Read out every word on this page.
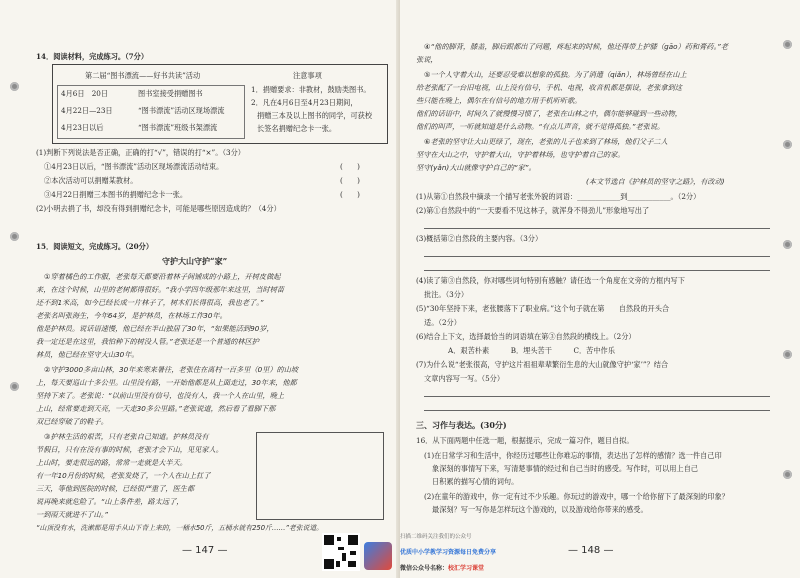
14．阅读材料，完成练习。（7分）
第二届“图书漂流——好书共读”活动
4月6日　20日	图书室接受捐赠图书
4月22日—23日	“图书漂流”活动区现场漂流
4月23日以后	“图书漂流”班级书架漂流
注意事项
1．捐赠要求：非教材，鼓励类图书。
2．凡在4月6日至4月23日期间，
捐赠三本及以上图书的同学，可获校
长签名捐赠纪念卡一张。
(1)判断下列说法是否正确，正确的打“√”，错误的打“×”。（3分）
①4月23日以后，“图书漂流”活动区现场漂流活动结束。	(　　)
②本次活动可以捐赠某教材。	(　　)
③4月22日捐赠三本图书的捐赠纪念卡一张。	(　　)
(2)小明去捐了书，却没有得到捐赠纪念卡，可能是哪些原因造成的？（4分）
15．阅读短文，完成练习。（20分）
守护大山守护“家”
①穿着橘色的工作服，老张每天都要沿着林子间铺成的小路上，开树皮做起
来，在这个时候，山里的老树都得很好。“我小学四年级那年来这里，当时树苗
还不到1米高，如今已经长成一片林子了，树木们长得很高，我也老了。”
老张名叫张海生，今年64岁，是护林员，在林场工作30年。
他是护林员。说话语速慢，他已经在半山独居了30年，“如果能活到90岁，
我一定还是在这里，我怕种下的树没人管。”老张还是一个普通的林区护
林员，他已经在坚守大山30年。
②守护3000多亩山林，30年来寒来暑往，老张住在离村一百多里（0里）的山坡
上，每天要巡山十多公里。山里没有路，一开始他都是从上面走过，30年来，他都
坚持下来了。老张说：“以前山里没有信号，也没有人，我一个人在山里，晚上
上山，经常要走到天亮，一天走30多公里路。”老张说道，然后看了看脚下那
双已经穿破了的鞋子。
③护林生活的艰苦，只有老张自己知道。护林员没有
节假日，只有在没有事的时候，老张才会下山，见见家人。
上山时，要走很远的路，常常一走就是大半天。
有一年10月份的时候，老张发烧了，一个人在山上扛了
三天，等他到医院的时候，已经很严重了，医生都
说再晚来就危险了。“山上条件差，路太远了，
一到雨天就进不了山。”
“山顶没有水，洗漱都是用手从山下背上来的，一桶水50斤，五桶水就有250斤……”老张说道。
— 147 —
④“他的脚背，膝盖，脚后跟都出了问题，疼起来的时候，他还得带上护膝（gāo）药和膏药。”老
张说，
⑤一个人守着大山，还要忍受难以想象的孤独。为了消遣（qiǎn），林场曾经在山上
给老张配了一台旧电视，山上没有信号，手机、电视，收音机都是摆设，老张拿到这
些只能在晚上，偶尔在有信号的地方用手机听听歌。
他们的话语中，时间久了就慢慢习惯了，老张在山林之中，偶尔能够碰到一些动物，
他们的叫声，一听就知道是什么动物。“有点儿声音，就不觉得孤独。”老张说。
⑥老张的坚守让大山更绿了，现在，老张的儿子也来到了林场，他们父子二人
坚守在大山之中，守护着大山，守护着林场，也守护着自己的家。
坚守(yǎn)大山就像守护自己的“家”。
(本文节选自《护林员的坚守之路》，有改动)
(1)从第①自然段中摘录一个描写老张外貌的词语：____________到____________。（2分）
(2)第①自然段中的“一天要看不见这林子，就浑身不得劲儿”形象地写出了
(3)概括第②自然段的主要内容。（3分）
(4)读了第③自然段，你对哪些词句特别有感触？请任选一个角度在文旁的方框内写下
批注。（3分）
(5)“30年坚持下来，老张腰落下了职业病。”这个句子就在第　　自然段的开头合
适。（2分）
(6)结合上下文，选择最恰当的词语填在第③自然段的横线上。（2分）
A．艰苦朴素　　　B．埋头苦干　　　C．苦中作乐
(7)为什么说“老张很高，守护这片祖祖辈辈繁衍生息的大山就像守护‘家’”？结合
文章内容写一写。（5分）
三、习作与表达。(30分)
16．从下面两题中任选一题，根据提示，完成一篇习作，题目自拟。
(1)在日常学习和生活中，你经历过哪些让你难忘的事情，表达出了怎样的感情？选一件自己印
象深刻的事情写下来，写清楚事情的经过和自己当时的感受。写作时，可以用上自己
日积累的描写心情的词句。
(2)在童年的游戏中，你一定有过不少乐趣。你玩过的游戏中，哪一个给你留下了最深刻的印象？
最深刻？写一写你是怎样玩这个游戏的，以及游戏给你带来的感受。
— 148 —
扫描二维码关注我们的公众号
优质中小学教学习资源每日免费分享
微信公众号名称：校汇学习课堂
